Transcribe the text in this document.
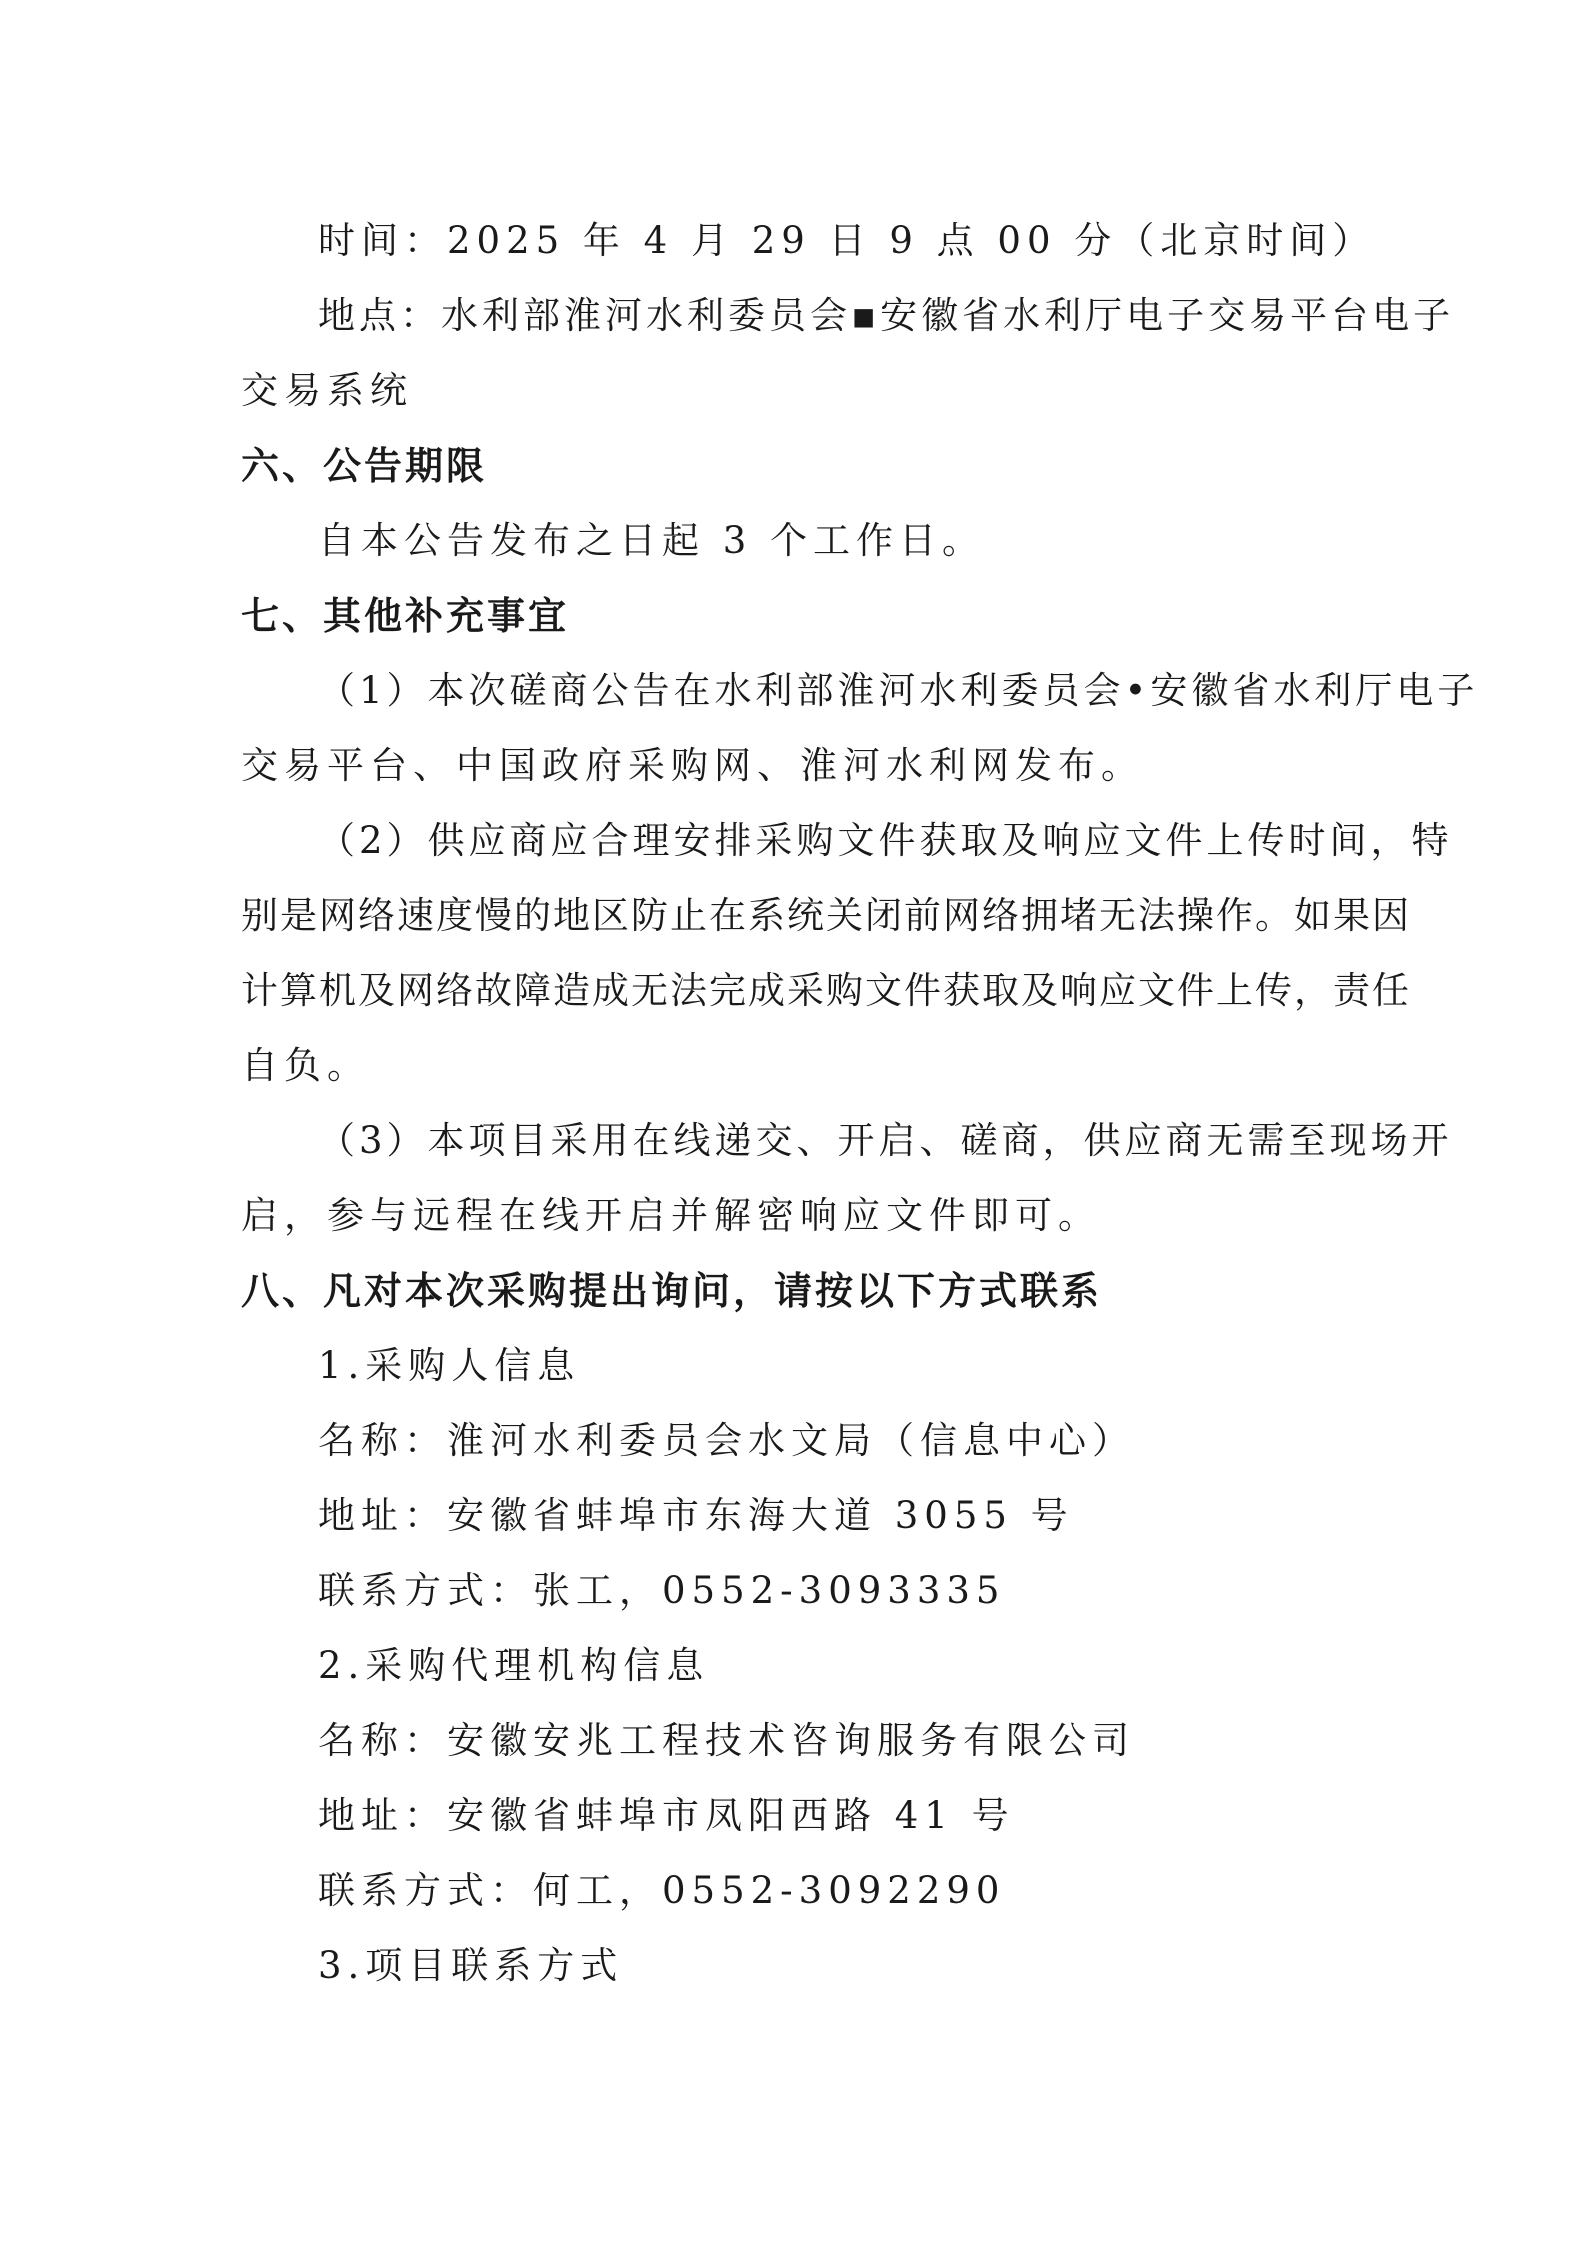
时间：2025 年 4 月 29 日 9 点 00 分（北京时间）
地点：水利部淮河水利委员会▪安徽省水利厅电子交易平台电子
交易系统
六、公告期限
自本公告发布之日起 3 个工作日。
七、其他补充事宜
（1）本次磋商公告在水利部淮河水利委员会•安徽省水利厅电子
交易平台、中国政府采购网、淮河水利网发布。
（2）供应商应合理安排采购文件获取及响应文件上传时间，特
别是网络速度慢的地区防止在系统关闭前网络拥堵无法操作。如果因
计算机及网络故障造成无法完成采购文件获取及响应文件上传，责任
自负。
（3）本项目采用在线递交、开启、磋商，供应商无需至现场开
启，参与远程在线开启并解密响应文件即可。
八、凡对本次采购提出询问，请按以下方式联系
1.采购人信息
名称：淮河水利委员会水文局（信息中心）
地址：安徽省蚌埠市东海大道 3055 号
联系方式：张工，0552-3093335
2.采购代理机构信息
名称：安徽安兆工程技术咨询服务有限公司
地址：安徽省蚌埠市凤阳西路 41 号
联系方式：何工，0552-3092290
3.项目联系方式
